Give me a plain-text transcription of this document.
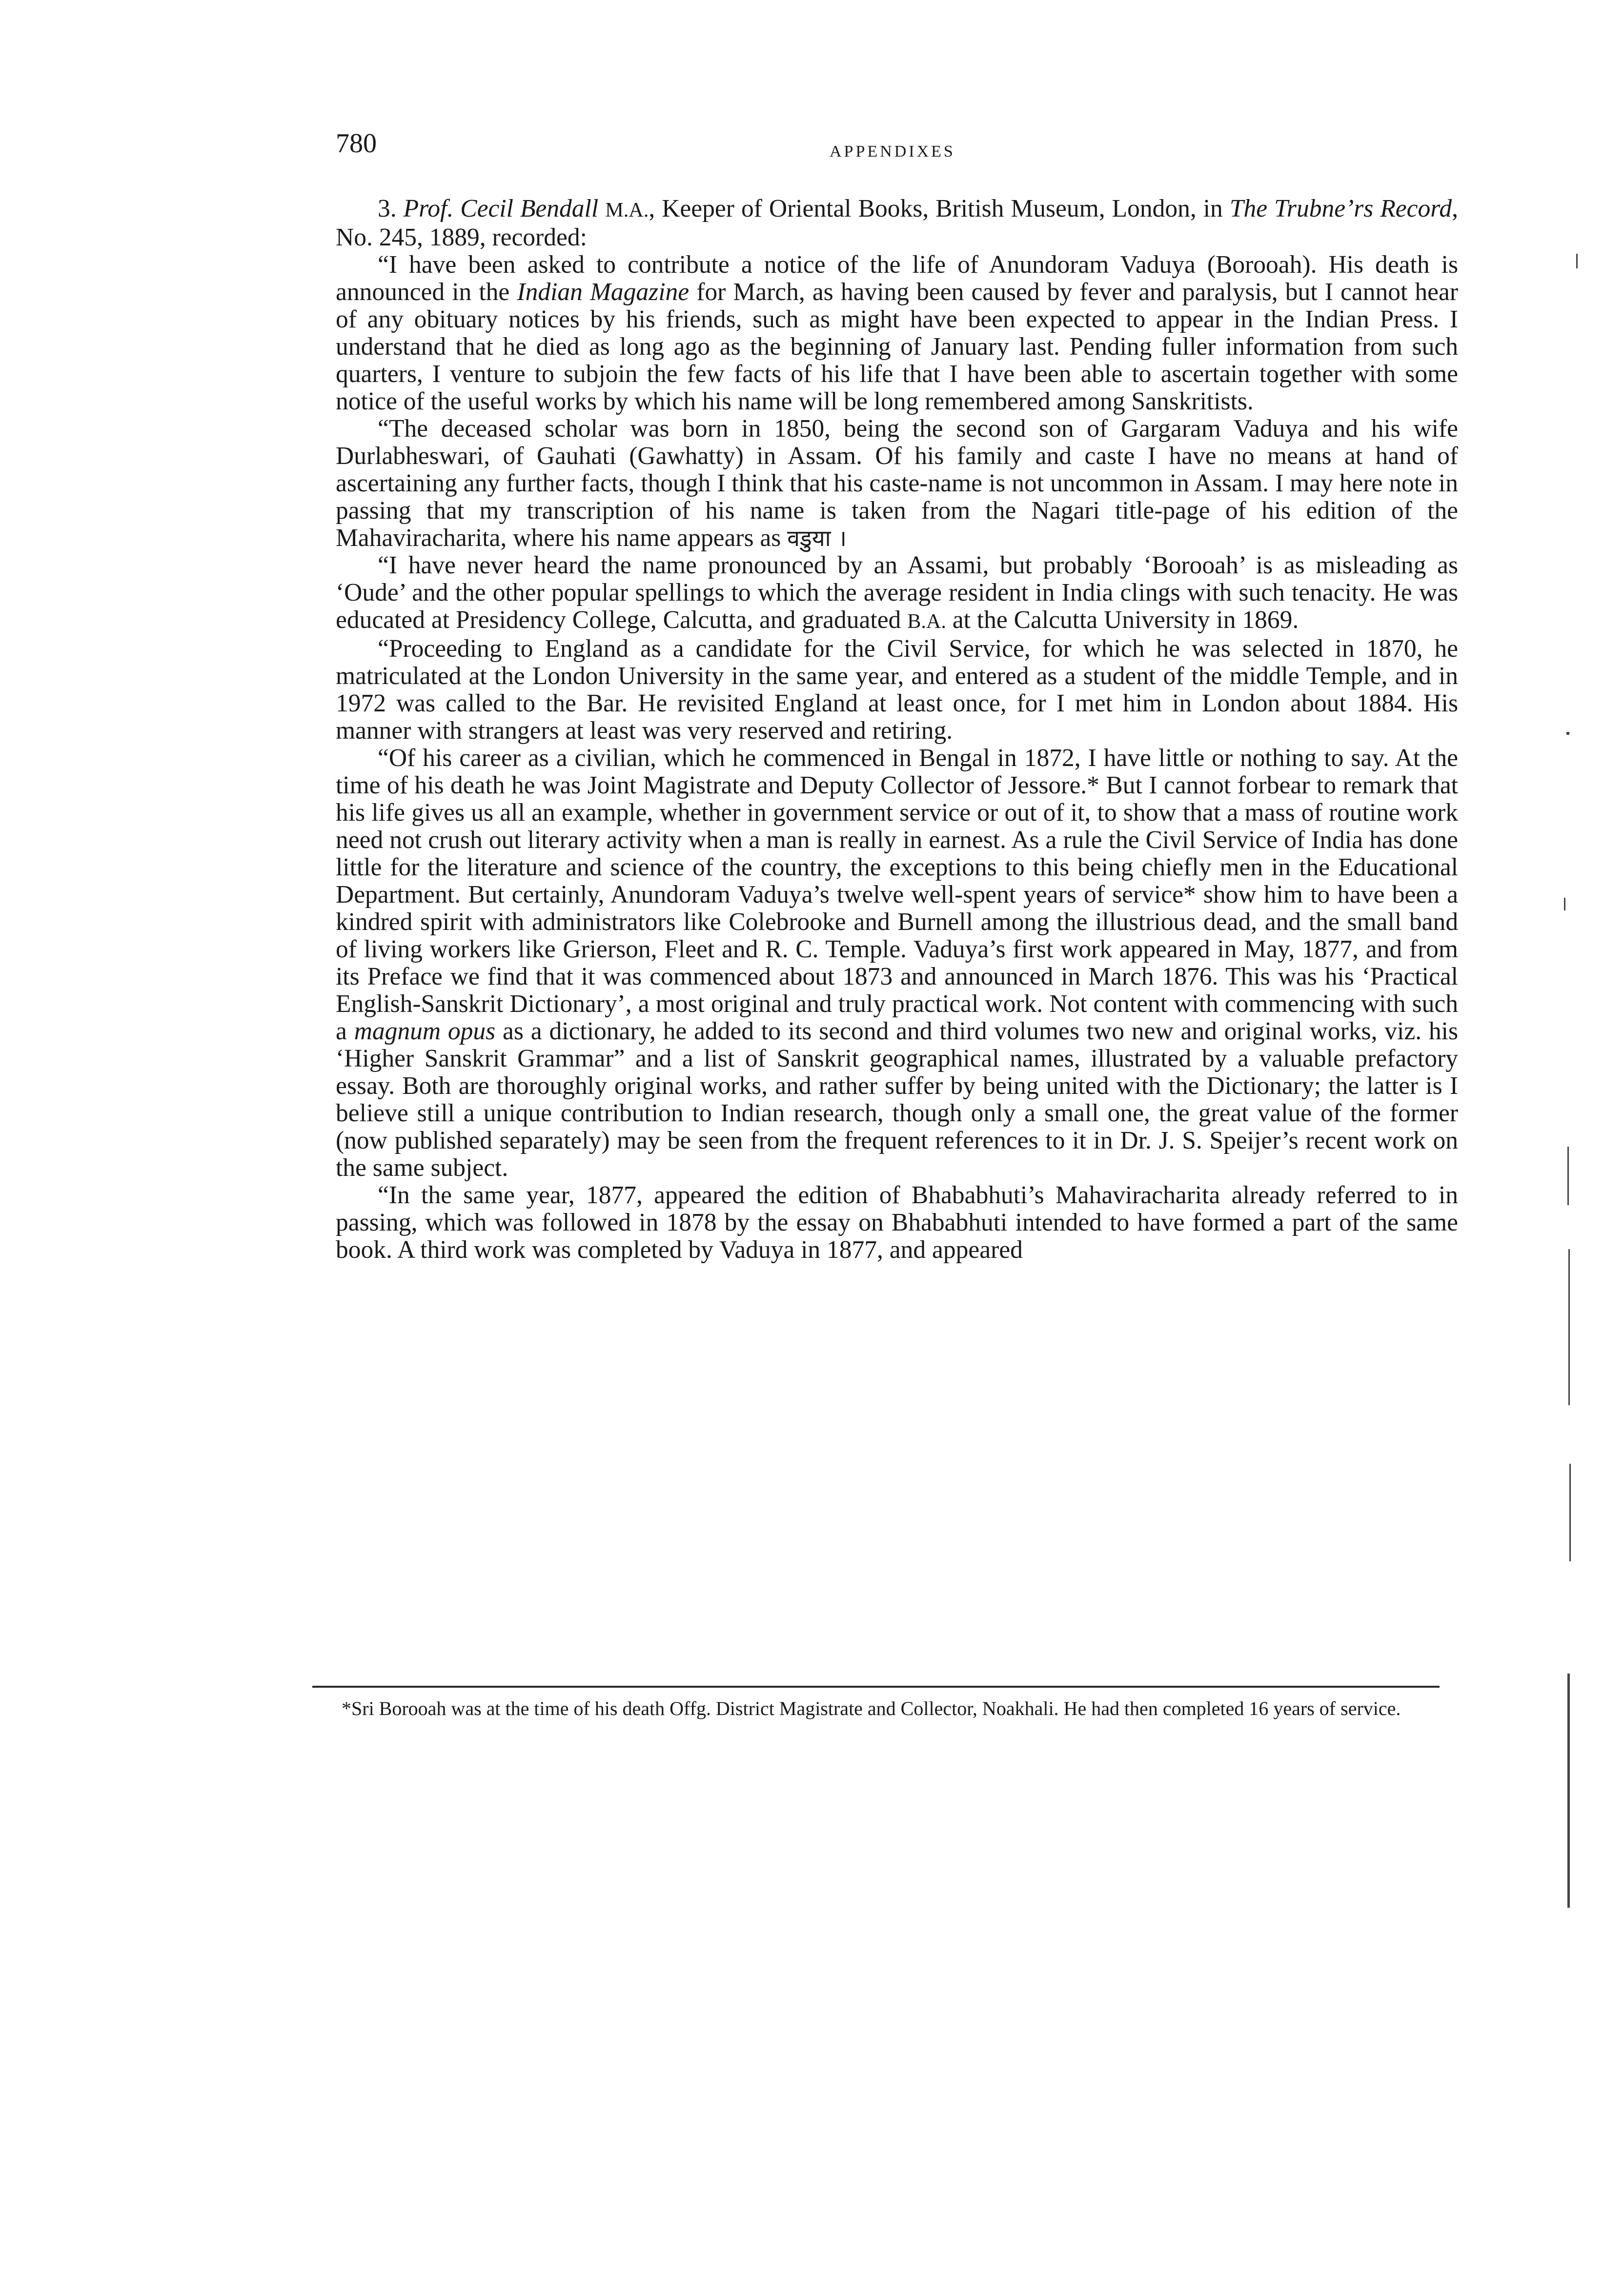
780	APPENDIXES

3. Prof. Cecil Bendall M.A., Keeper of Oriental Books, British Museum, London, in The Trubne’rs Record, No. 245, 1889, recorded:

“I have been asked to contribute a notice of the life of Anundoram Vaduya (Borooah). His death is announced in the Indian Magazine for March, as having been caused by fever and paralysis, but I cannot hear of any obituary notices by his friends, such as might have been expected to appear in the Indian Press. I understand that he died as long ago as the beginning of January last. Pending fuller information from such quarters, I venture to subjoin the few facts of his life that I have been able to ascertain together with some notice of the useful works by which his name will be long remembered among Sanskritists.

“The deceased scholar was born in 1850, being the second son of Gargaram Vaduya and his wife Durlabheswari, of Gauhati (Gawhatty) in Assam. Of his family and caste I have no means at hand of ascertaining any further facts, though I think that his caste-name is not uncommon in Assam. I may here note in passing that my transcription of his name is taken from the Nagari title-page of his edition of the Mahaviracharita, where his name appears as वडुया ।

“I have never heard the name pronounced by an Assami, but probably ‘Borooah’ is as misleading as ‘Oude’ and the other popular spellings to which the average resident in India clings with such tenacity. He was educated at Presidency College, Calcutta, and graduated B.A. at the Calcutta University in 1869.

“Proceeding to England as a candidate for the Civil Service, for which he was selected in 1870, he matriculated at the London University in the same year, and entered as a student of the middle Temple, and in 1972 was called to the Bar. He revisited England at least once, for I met him in London about 1884. His manner with strangers at least was very reserved and retiring.

“Of his career as a civilian, which he commenced in Bengal in 1872, I have little or nothing to say. At the time of his death he was Joint Magistrate and Deputy Collector of Jessore.* But I cannot forbear to remark that his life gives us all an example, whether in government service or out of it, to show that a mass of routine work need not crush out literary activity when a man is really in earnest. As a rule the Civil Service of India has done little for the literature and science of the country, the exceptions to this being chiefly men in the Educational Department. But certainly, Anundoram Vaduya’s twelve well-spent years of service* show him to have been a kindred spirit with administrators like Colebrooke and Burnell among the illustrious dead, and the small band of living workers like Grierson, Fleet and R. C. Temple. Vaduya’s first work appeared in May, 1877, and from its Preface we find that it was commenced about 1873 and announced in March 1876. This was his ‘Practical English-Sanskrit Dictionary’, a most original and truly practical work. Not content with commencing with such a magnum opus as a dictionary, he added to its second and third volumes two new and original works, viz. his ‘Higher Sanskrit Grammar” and a list of Sanskrit geographical names, illustrated by a valuable prefactory essay. Both are thoroughly original works, and rather suffer by being united with the Dictionary; the latter is I believe still a unique contribution to Indian research, though only a small one, the great value of the former (now published separately) may be seen from the frequent references to it in Dr. J. S. Speijer’s recent work on the same subject.

“In the same year, 1877, appeared the edition of Bhababhuti’s Mahaviracharita already referred to in passing, which was followed in 1878 by the essay on Bhababhuti intended to have formed a part of the same book. A third work was completed by Vaduya in 1877, and appeared

*Sri Borooah was at the time of his death Offg. District Magistrate and Collector, Noakhali. He had then completed 16 years of service.
